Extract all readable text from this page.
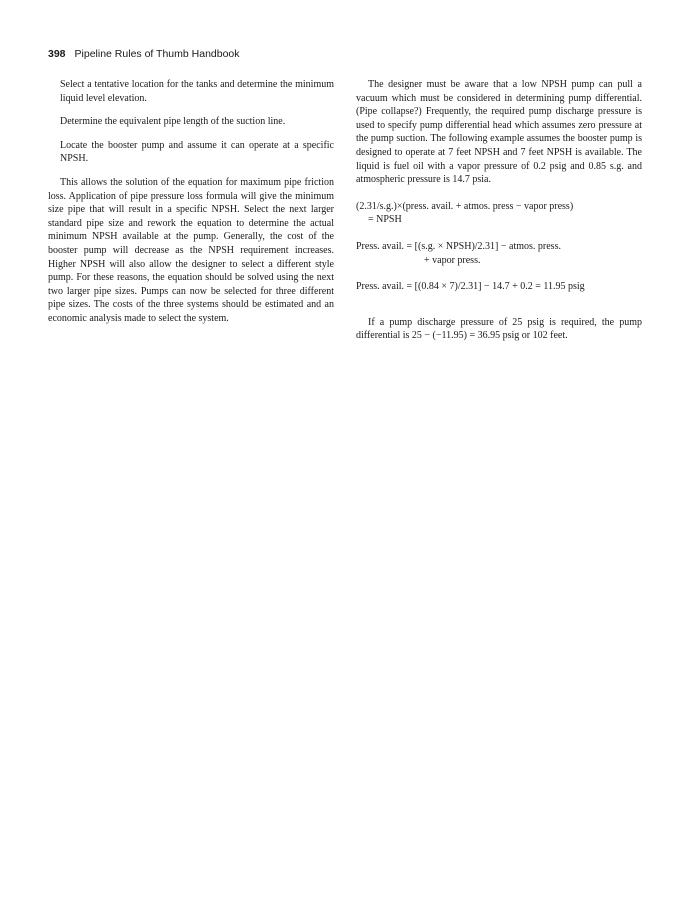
398 Pipeline Rules of Thumb Handbook

Select a tentative location for the tanks and determine the minimum liquid level elevation.

Determine the equivalent pipe length of the suction line.

Locate the booster pump and assume it can operate at a specific NPSH.

This allows the solution of the equation for maximum pipe friction loss. Application of pipe pressure loss formula will give the minimum size pipe that will result in a specific NPSH. Select the next larger standard pipe size and rework the equation to determine the actual minimum NPSH available at the pump. Generally, the cost of the booster pump will decrease as the NPSH requirement increases. Higher NPSH will also allow the designer to select a different style pump. For these reasons, the equation should be solved using the next two larger pipe sizes. Pumps can now be selected for three different pipe sizes. The costs of the three systems should be estimated and an economic analysis made to select the system.

The designer must be aware that a low NPSH pump can pull a vacuum which must be considered in determining pump differential. (Pipe collapse?) Frequently, the required pump discharge pressure is used to specify pump differential head which assumes zero pressure at the pump suction. The following example assumes the booster pump is designed to operate at 7 feet NPSH and 7 feet NPSH is available. The liquid is fuel oil with a vapor pressure of 0.2 psig and 0.85 s.g. and atmospheric pressure is 14.7 psia.

(2.31/s.g.)×(press. avail. + atmos. press − vapor press)

= NPSH

Press. avail. = [(s.g. × NPSH)/2.31] − atmos. press.

+ vapor press.

Press. avail. = [(0.84 × 7)/2.31] − 14.7 + 0.2 = 11.95 psig

If a pump discharge pressure of 25 psig is required, the pump differential is 25 − (−11.95) = 36.95 psig or 102 feet.
